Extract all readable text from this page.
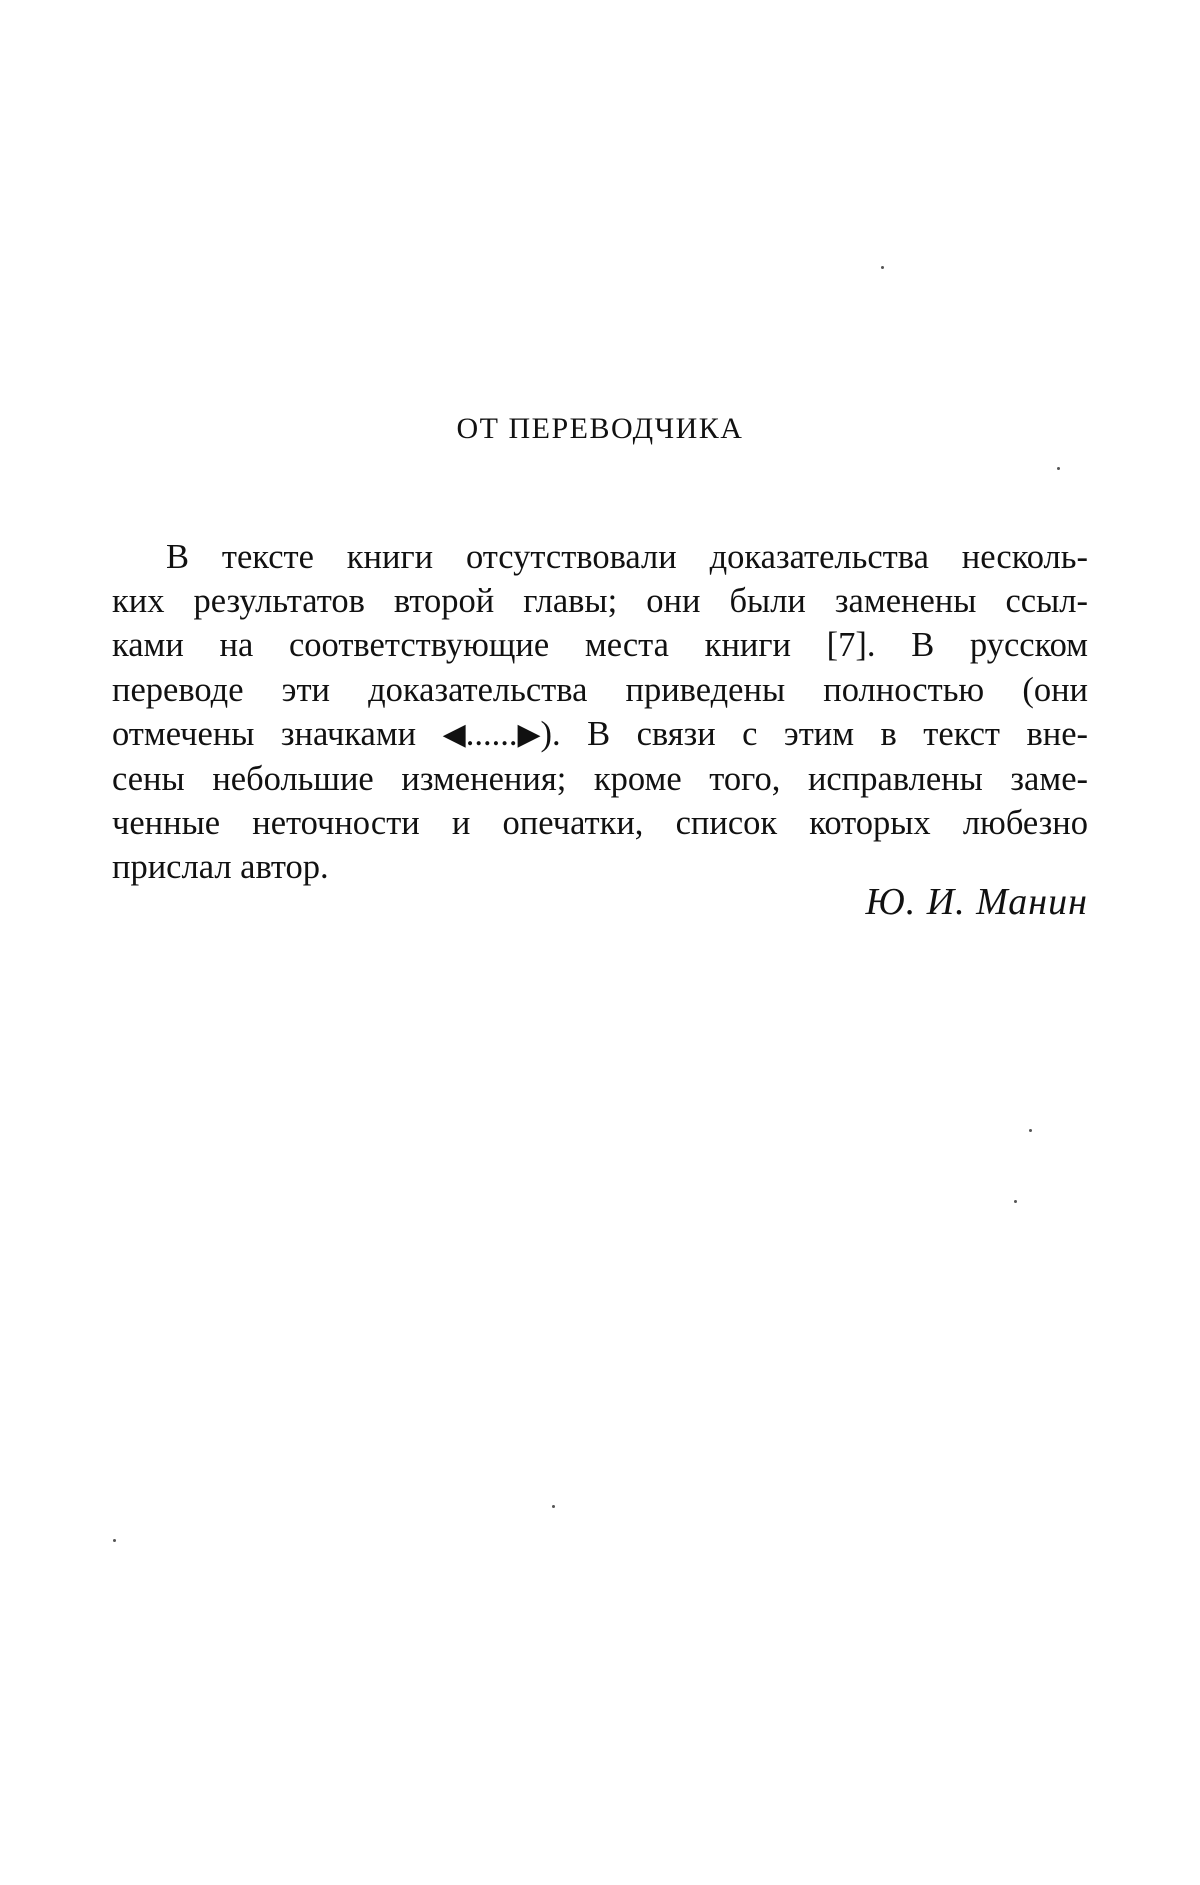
ОТ ПЕРЕВОДЧИКА
В тексте книги отсутствовали доказательства несколь-
ких результатов второй главы; они были заменены ссыл-
ками на соответствующие места книги [7]. В русском
переводе эти доказательства приведены полностью (они
отмечены значками ◀......▶). В связи с этим в текст вне-
сены небольшие изменения; кроме того, исправлены заме-
ченные неточности и опечатки, список которых любезно
прислал автор.
Ю. И. Манин
